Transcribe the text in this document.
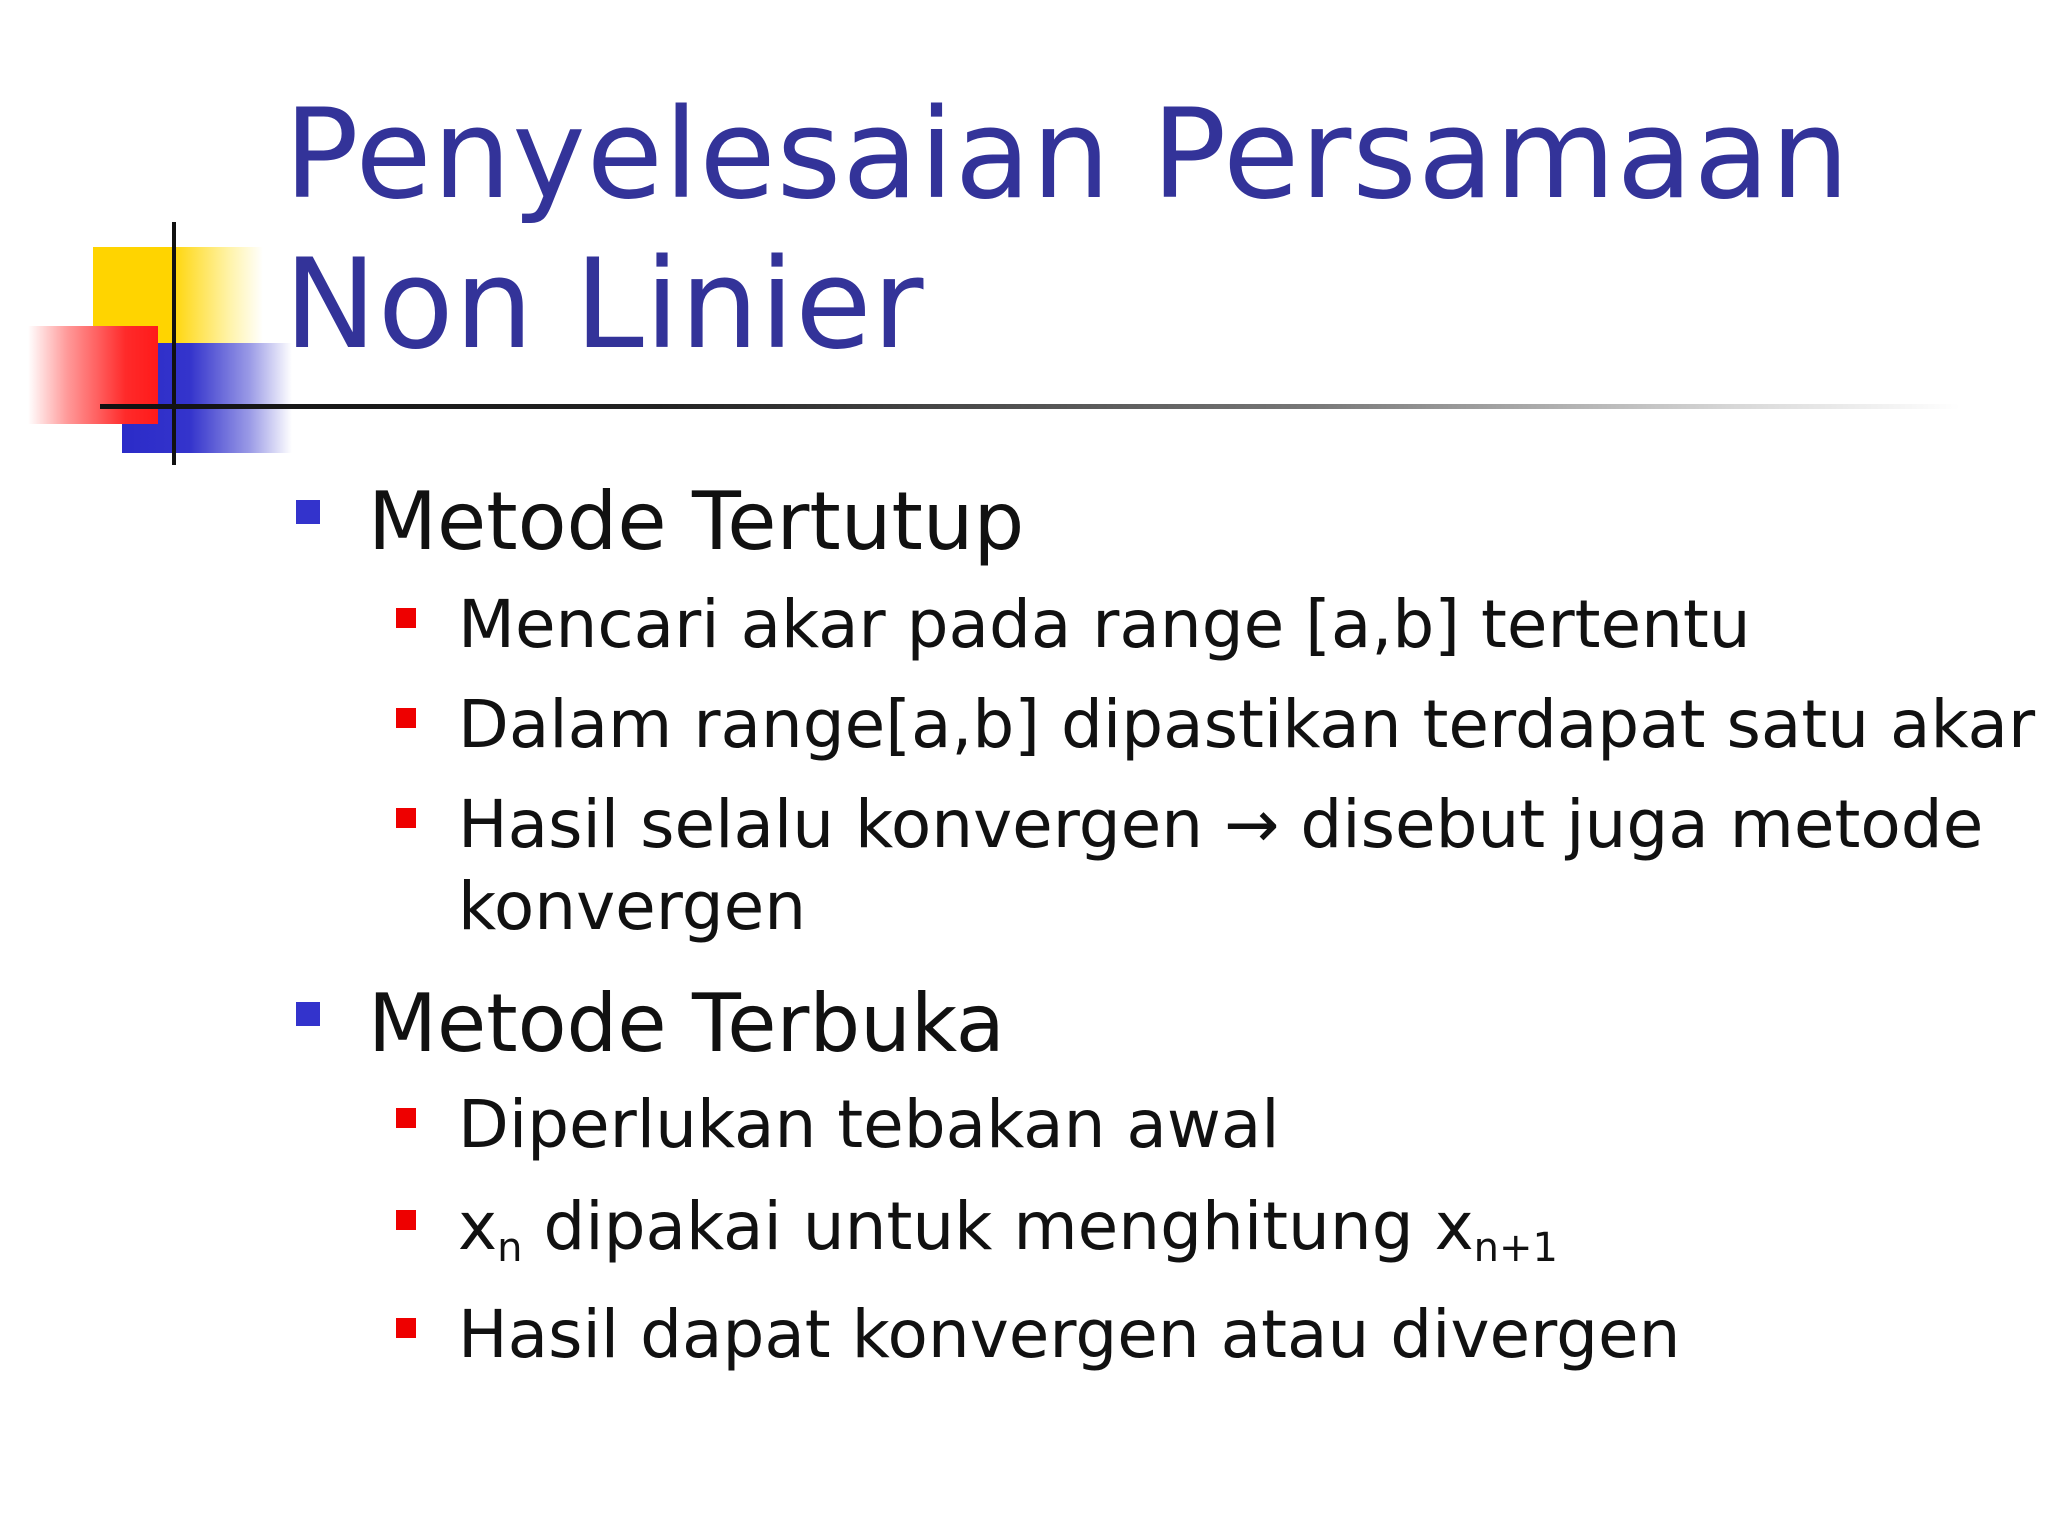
Penyelesaian Persamaan
Non Linier
Metode Tertutup
Mencari akar pada range [a,b] tertentu
Dalam range[a,b] dipastikan terdapat satu akar
Hasil selalu konvergen → disebut juga metode
konvergen
Metode Terbuka
Diperlukan tebakan awal
$x_n$ dipakai untuk menghitung $x_{n+1}$
Hasil dapat konvergen atau divergen
